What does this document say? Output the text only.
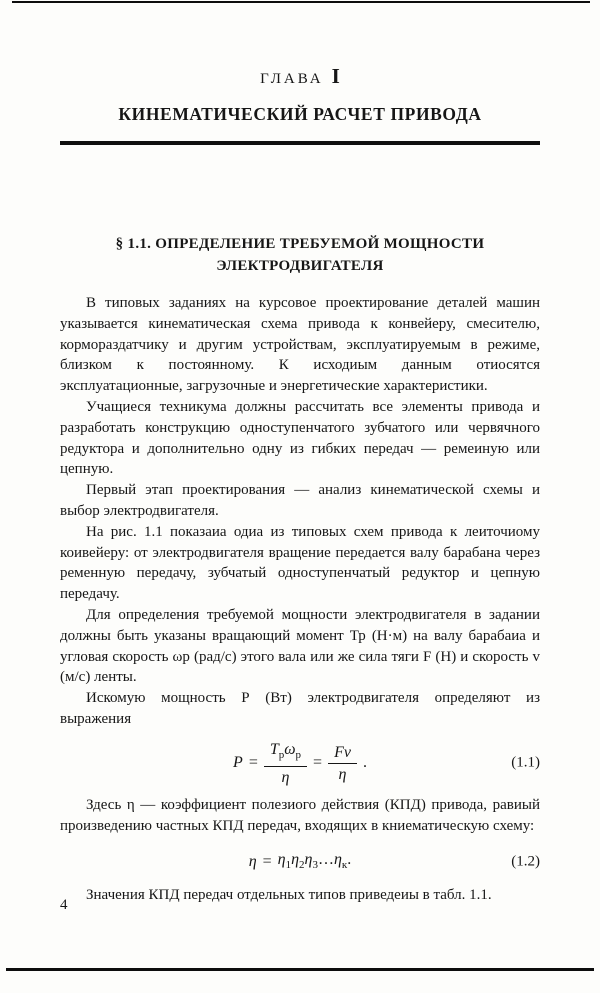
ГЛАВА I
КИНЕМАТИЧЕСКИЙ РАСЧЕТ ПРИВОДА
§ 1.1. ОПРЕДЕЛЕНИЕ ТРЕБУЕМОЙ МОЩНОСТИ
ЭЛЕКТРОДВИГАТЕЛЯ

В типовых заданиях на курсовое проектирование деталей машин указывается кинематическая схема привода к конвейеру, смесителю, кормораздатчику и другим устройствам, эксплуатируемым в режиме, близком к постоянному. К исходиым данным отиосятся эксплуатационные, загрузочные и энергетические характеристики.

Учащиеся техникума должны рассчитать все элементы привода и разработать конструкцию одноступенчатого зубчатого или червячного редуктора и дополнительно одну из гибких передач — ремеиную или цепную.

Первый этап проектирования — анализ кинематической схемы и выбор электродвигателя.

На рис. 1.1 показаиа одиа из типовых схем привода к леиточиому коивейеру: от электродвигателя вращение передается валу барабана через ременную передачу, зубчатый одноступенчатый редуктор и цепную передачу.

Для определения требуемой мощности электродвигателя в задании должны быть указаны вращающий момент Тр (Н·м) на валу барабаиа и угловая скорость ωр (рад/с) этого вала или же сила тяги F (Н) и скорость v (м/с) ленты.

Искомую мощность Р (Вт) электродвигателя определяют из выражения

$P = \frac{T_р\omega_р}{\eta} = \frac{Fv}{\eta}$ .	(1.1)

Здесь η — коэффициент полезиого действия (КПД) привода, равиый произведению частных КПД передач, входящих в книематическую схему:

$\eta = \eta_1\eta_2\eta_3\dots\eta_к$.	(1.2)

Значения КПД передач отдельных типов приведеиы в табл. 1.1.

4
